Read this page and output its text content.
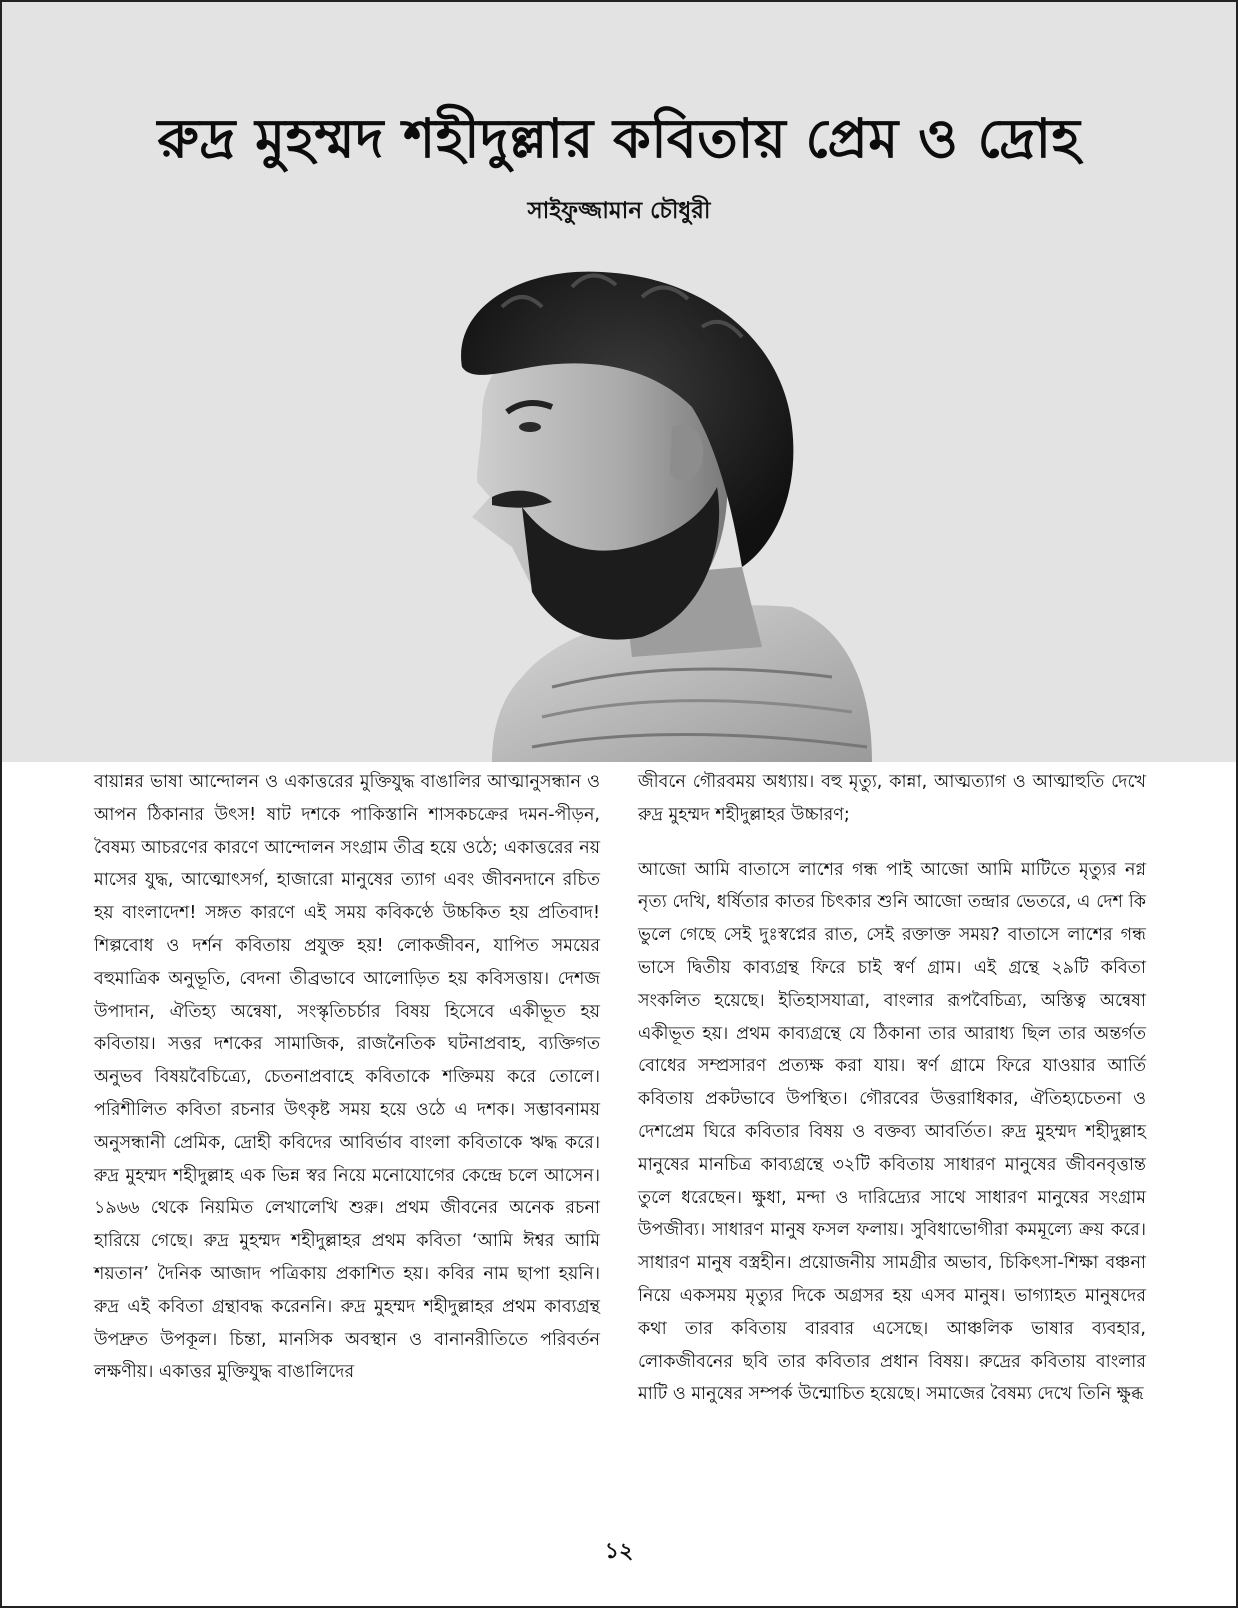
রুদ্র মুহম্মদ শহীদুল্লার কবিতায় প্রেম ও দ্রোহ
সাইফুজ্জামান চৌধুরী

বায়ান্নর ভাষা আন্দোলন ও একাত্তরের মুক্তিযুদ্ধ বাঙালির আত্মানুসন্ধান ও আপন ঠিকানার উৎস! ষাট দশকে পাকিস্তানি শাসকচক্রের দমন-পীড়ন, বৈষম্য আচরণের কারণে আন্দোলন সংগ্রাম তীব্র হয়ে ওঠে; একাত্তরের নয় মাসের যুদ্ধ, আত্মোৎসর্গ, হাজারো মানুষের ত্যাগ এবং জীবনদানে রচিত হয় বাংলাদেশ! সঙ্গত কারণে এই সময় কবিকণ্ঠে উচ্চকিত হয় প্রতিবাদ! শিল্পবোধ ও দর্শন কবিতায় প্রযুক্ত হয়! লোকজীবন, যাপিত সময়ের বহুমাত্রিক অনুভূতি, বেদনা তীব্রভাবে আলোড়িত হয় কবিসত্তায়। দেশজ উপাদান, ঐতিহ্য অন্বেষা, সংস্কৃতিচর্চার বিষয় হিসেবে একীভূত হয় কবিতায়। সত্তর দশকের সামাজিক, রাজনৈতিক ঘটনাপ্রবাহ, ব্যক্তিগত অনুভব বিষয়বৈচিত্র্যে, চেতনাপ্রবাহে কবিতাকে শক্তিময় করে তোলে। পরিশীলিত কবিতা রচনার উৎকৃষ্ট সময় হয়ে ওঠে এ দশক। সম্ভাবনাময় অনুসন্ধানী প্রেমিক, দ্রোহী কবিদের আবির্ভাব বাংলা কবিতাকে ঋদ্ধ করে। রুদ্র মুহম্মদ শহীদুল্লাহ এক ভিন্ন স্বর নিয়ে মনোযোগের কেন্দ্রে চলে আসেন। ১৯৬৬ থেকে নিয়মিত লেখালেখি শুরু। প্রথম জীবনের অনেক রচনা হারিয়ে গেছে। রুদ্র মুহম্মদ শহীদুল্লাহর প্রথম কবিতা ‘আমি ঈশ্বর আমি শয়তান’ দৈনিক আজাদ পত্রিকায় প্রকাশিত হয়। কবির নাম ছাপা হয়নি। রুদ্র এই কবিতা গ্রন্থাবদ্ধ করেননি। রুদ্র মুহম্মদ শহীদুল্লাহর প্রথম কাব্যগ্রন্থ উপদ্রুত উপকূল। চিন্তা, মানসিক অবস্থান ও বানানরীতিতে পরিবর্তন লক্ষণীয়। একাত্তর মুক্তিযুদ্ধ বাঙালিদের

জীবনে গৌরবময় অধ্যায়। বহু মৃত্যু, কান্না, আত্মত্যাগ ও আত্মাহুতি দেখে রুদ্র মুহম্মদ শহীদুল্লাহর উচ্চারণ;

আজো আমি বাতাসে লাশের গন্ধ পাই আজো আমি মাটিতে মৃত্যুর নগ্ন নৃত্য দেখি, ধর্ষিতার কাতর চিৎকার শুনি আজো তন্দ্রার ভেতরে, এ দেশ কি ভুলে গেছে সেই দুঃস্বপ্নের রাত, সেই রক্তাক্ত সময়? বাতাসে লাশের গন্ধ ভাসে দ্বিতীয় কাব্যগ্রন্থ ফিরে চাই স্বর্ণ গ্রাম। এই গ্রন্থে ২৯টি কবিতা সংকলিত হয়েছে। ইতিহাসযাত্রা, বাংলার রূপবৈচিত্র্য, অস্তিত্ব অন্বেষা একীভূত হয়। প্রথম কাব্যগ্রন্থে যে ঠিকানা তার আরাধ্য ছিল তার অন্তর্গত বোধের সম্প্রসারণ প্রত্যক্ষ করা যায়। স্বর্ণ গ্রামে ফিরে যাওয়ার আর্তি কবিতায় প্রকটভাবে উপস্থিত। গৌরবের উত্তরাধিকার, ঐতিহ্যচেতনা ও দেশপ্রেম ঘিরে কবিতার বিষয় ও বক্তব্য আবর্তিত। রুদ্র মুহম্মদ শহীদুল্লাহ মানুষের মানচিত্র কাব্যগ্রন্থে ৩২টি কবিতায় সাধারণ মানুষের জীবনবৃত্তান্ত তুলে ধরেছেন। ক্ষুধা, মন্দা ও দারিদ্র্যের সাথে সাধারণ মানুষের সংগ্রাম উপজীব্য। সাধারণ মানুষ ফসল ফলায়। সুবিধাভোগীরা কমমূল্যে ক্রয় করে। সাধারণ মানুষ বস্ত্রহীন। প্রয়োজনীয় সামগ্রীর অভাব, চিকিৎসা-শিক্ষা বঞ্চনা নিয়ে একসময় মৃত্যুর দিকে অগ্রসর হয় এসব মানুষ। ভাগ্যাহত মানুষদের কথা তার কবিতায় বারবার এসেছে। আঞ্চলিক ভাষার ব্যবহার, লোকজীবনের ছবি তার কবিতার প্রধান বিষয়। রুদ্রের কবিতায় বাংলার মাটি ও মানুষের সম্পর্ক উন্মোচিত হয়েছে। সমাজের বৈষম্য দেখে তিনি ক্ষুব্ধ

১২
